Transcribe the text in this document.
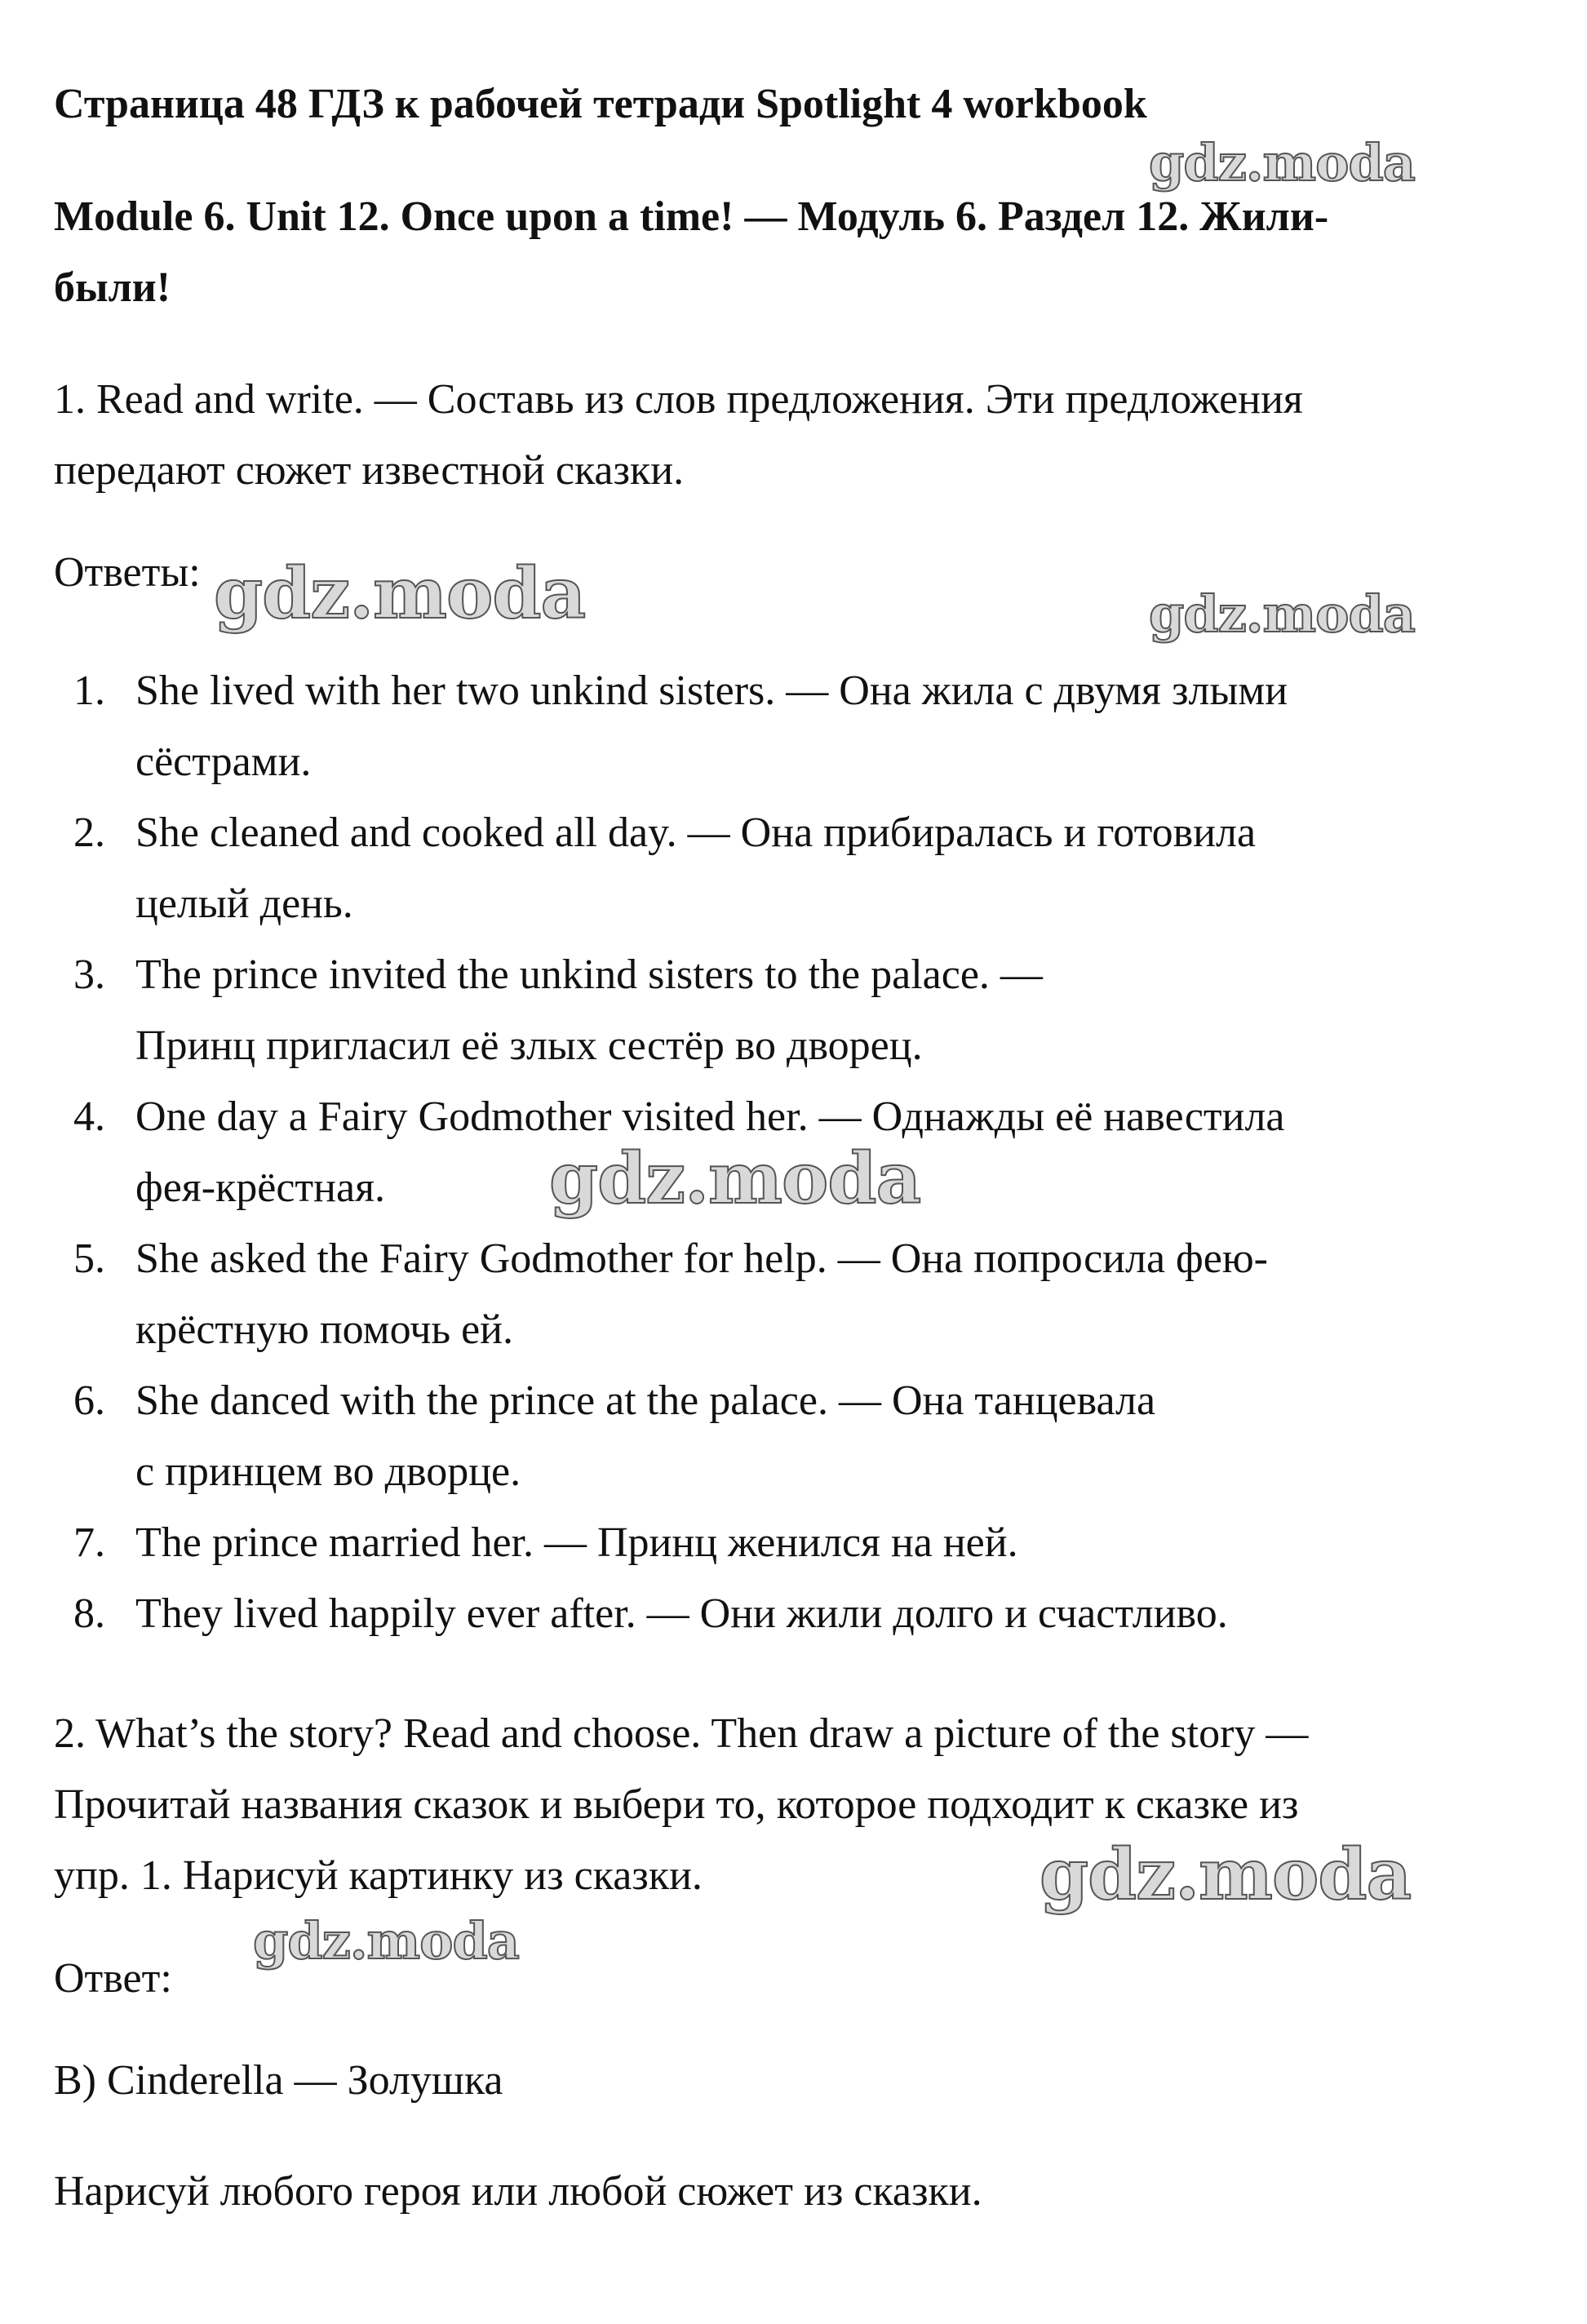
Страница 48 ГДЗ к рабочей тетради Spotlight 4 workbook

Module 6. Unit 12. Once upon a time! — Модуль 6. Раздел 12. Жили-

были!

1. Read and write. — Составь из слов предложения. Эти предложения

передают сюжет известной сказки.

Ответы:

1. She lived with her two unkind sisters. — Она жила с двумя злыми

сёстрами.

2. She cleaned and cooked all day. — Она прибиралась и готовила

целый день.

3. The prince invited the unkind sisters to the palace. —

Принц пригласил её злых сестёр во дворец.

4. One day a Fairy Godmother visited her. — Однажды её навестила

фея-крёстная.

5. She asked the Fairy Godmother for help. — Она попросила фею-

крёстную помочь ей.

6. She danced with the prince at the palace. — Она танцевала

с принцем во дворце.

7. The prince married her. — Принц женился на ней.

8. They lived happily ever after. — Они жили долго и счастливо.

2. What’s the story? Read and choose. Then draw a picture of the story —

Прочитай названия сказок и выбери то, которое подходит к сказке из

упр. 1. Нарисуй картинку из сказки.

Ответ:

B) Cinderella — Золушка

Нарисуй любого героя или любой сюжет из сказки.

gdz.moda

gdz.moda	gdz.moda

gdz.moda

gdz.moda

gdz.moda
